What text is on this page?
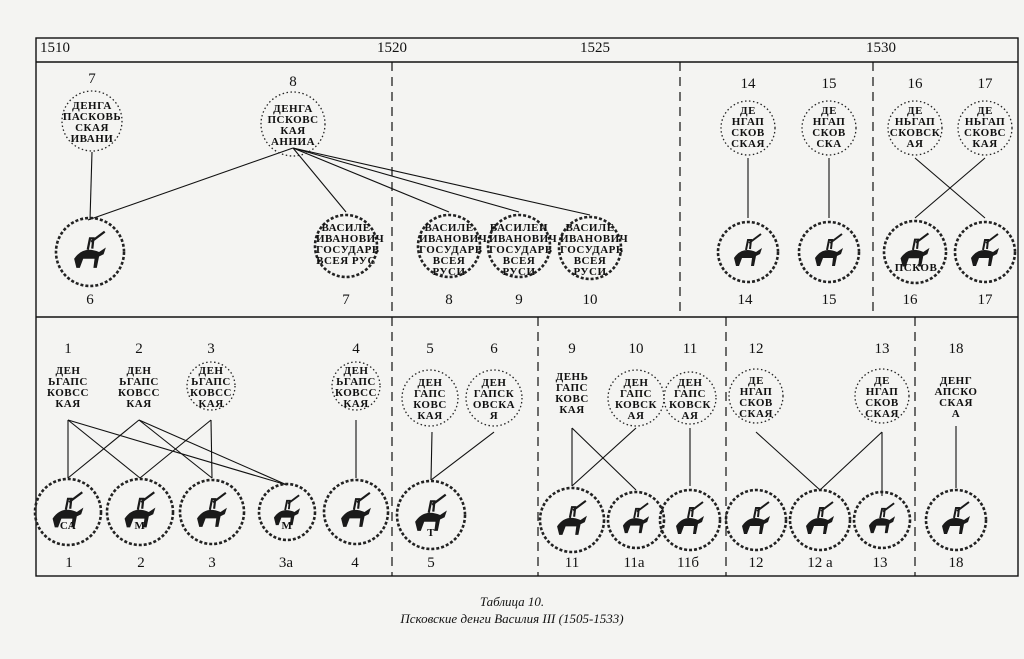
1510	1520	1525	1530
7	8	14	15	16	17
6	7	8	9	10	14	15	16	17
ДЕНГА
ПАСКОВЬ
СКАЯ
ИВАНИ
ДЕНГА
ПСКОВС
КАЯ
АННИА
ДЕ
НГАП
СКОВ
СКАЯ
ДЕ
НГАП
СКОВ
СКА
ДЕ
НЬГАП
СКОВСК
АЯ
ДЕ
НЬГАП
СКОВС
КАЯ
ВАСИЛЕ
ИВАНОВИЧ
ГОСУДАРЬ
ВСЕЯ РУС
ВАСИЛЕ
ИВАНОВИЧ
ГОСУДАРЬ
ВСЕЯ
РУСИ
ВАСИЛЕИ
ИВАНОВИЧ
ГОСУДАРЬ
ВСЕЯ
РУСИ
ВАСИЛЕ
ИВАНОВИЧ
ГОСУДАРЬ
ВСЕЯ
РУСИ
1	2	3	4	5	6	9	10	11	12	13	18
ДЕН
ЬГАПС
КОВСС
КАЯ
ДЕН
ЬГАПС
КОВСС
КАЯ
ДЕН
ЬГАПС
КОВСС
КАЯ
ДЕН
ЬГАПС
КОВСС
КАЯ
ДЕН
ГАПС
КОВС
КАЯ
ДЕН
ГАПСК
ОВСКА
Я
ДЕНЬ
ГАПС
КОВС
КАЯ
ДЕН
ГАПС
КОВСК
АЯ
ДЕН
ГАПС
КОВСК
АЯ
ДЕ
НГАП
СКОВ
СКАЯ
ДЕ
НГАП
СКОВ
СКАЯ
ДЕНГ
АПСКО
СКАЯ
А
ПСКОВ
СА	М	М
Т
1	2	3	3а	4	5	11	11а	11б	12	12 а	13	18
Таблица 10.
Псковские денги Василия III (1505-1533)
